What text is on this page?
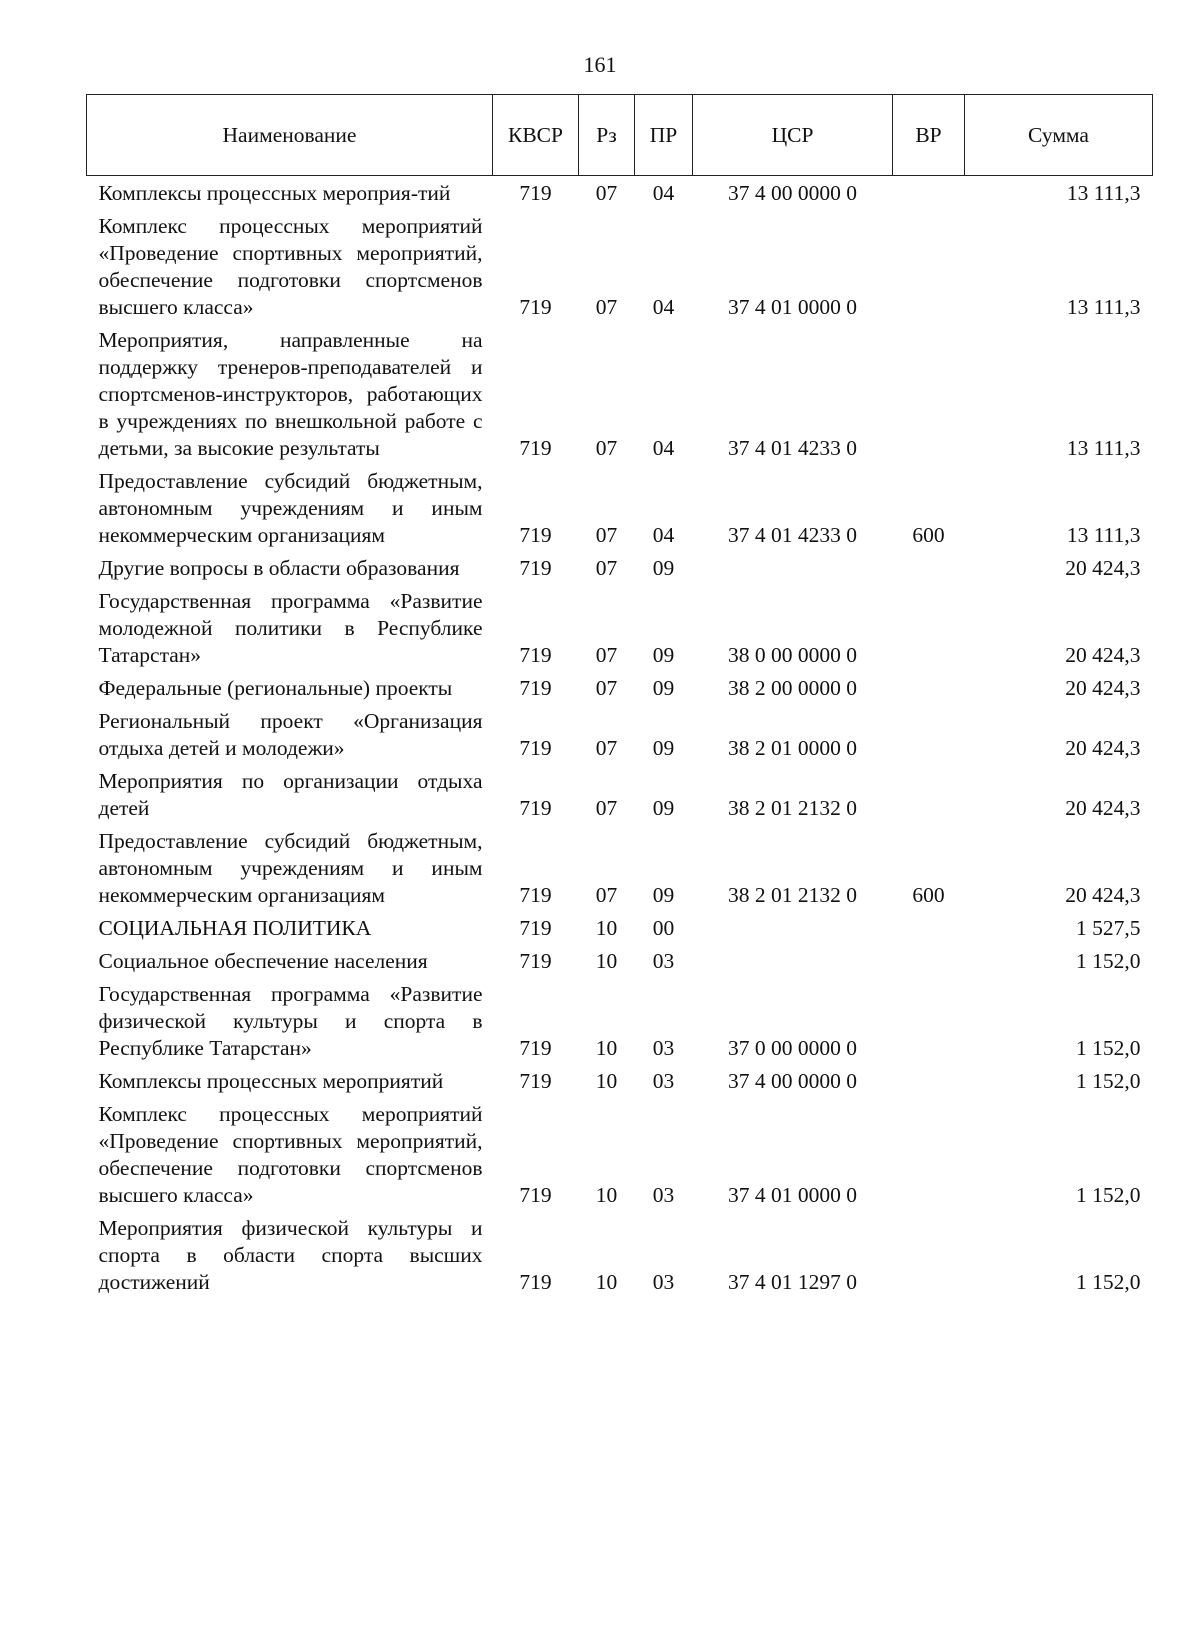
161
Наименование	КВСР	Рз	ПР	ЦСР	ВР	Сумма
Комплексы процессных мероприя-тий	719	07	04	37 4 00 0000 0		13 111,3
Комплекс процессных мероприятий «Проведение спортивных мероприятий, обеспечение подготовки спортсменов высшего класса»	719	07	04	37 4 01 0000 0		13 111,3
Мероприятия, направленные на поддержку тренеров-преподавателей и спортсменов-инструкторов, работающих в учреждениях по внешкольной работе с детьми, за высокие результаты	719	07	04	37 4 01 4233 0		13 111,3
Предоставление субсидий бюджетным, автономным учреждениям и иным некоммерческим организациям	719	07	04	37 4 01 4233 0	600	13 111,3
Другие вопросы в области образования	719	07	09			20 424,3
Государственная программа «Развитие молодежной политики в Республике Татарстан»	719	07	09	38 0 00 0000 0		20 424,3
Федеральные (региональные) проекты	719	07	09	38 2 00 0000 0		20 424,3
Региональный проект «Организация отдыха детей и молодежи»	719	07	09	38 2 01 0000 0		20 424,3
Мероприятия по организации отдыха детей	719	07	09	38 2 01 2132 0		20 424,3
Предоставление субсидий бюджетным, автономным учреждениям и иным некоммерческим организациям	719	07	09	38 2 01 2132 0	600	20 424,3
СОЦИАЛЬНАЯ ПОЛИТИКА	719	10	00			1 527,5
Социальное обеспечение населения	719	10	03			1 152,0
Государственная программа «Развитие физической культуры и спорта в Республике Татарстан»	719	10	03	37 0 00 0000 0		1 152,0
Комплексы процессных мероприятий	719	10	03	37 4 00 0000 0		1 152,0
Комплекс процессных мероприятий «Проведение спортивных мероприятий, обеспечение подготовки спортсменов высшего класса»	719	10	03	37 4 01 0000 0		1 152,0
Мероприятия физической культуры и спорта в области спорта высших достижений	719	10	03	37 4 01 1297 0		1 152,0
